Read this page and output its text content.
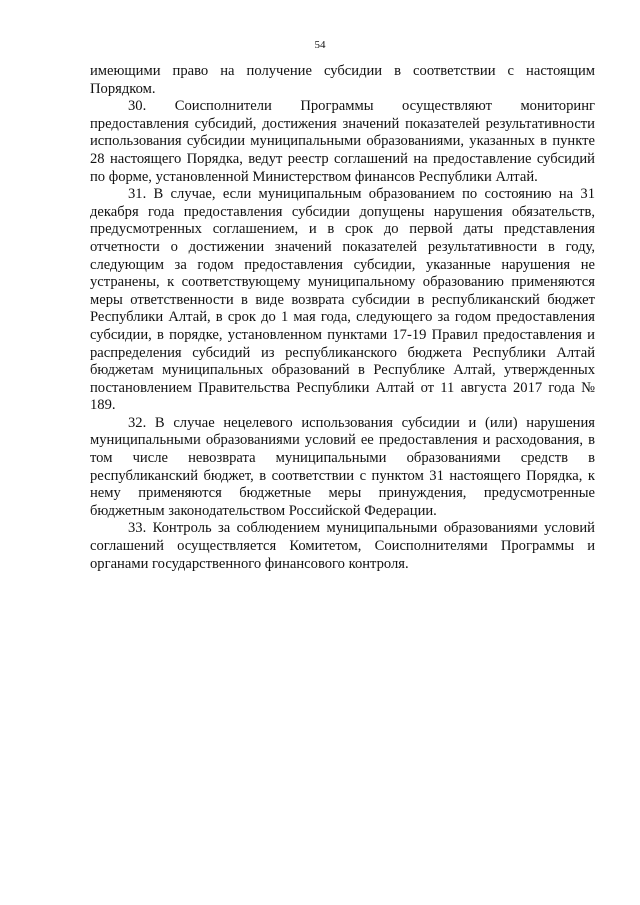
54

имеющими право на получение субсидии в соответствии с настоящим Порядком.

30. Соисполнители Программы осуществляют мониторинг предоставления субсидий, достижения значений показателей результативности использования субсидии муниципальными образованиями, указанных в пункте 28 настоящего Порядка, ведут реестр соглашений на предоставление субсидий по форме, установленной Министерством финансов Республики Алтай.

31. В случае, если муниципальным образованием по состоянию на 31 декабря года предоставления субсидии допущены нарушения обязательств, предусмотренных соглашением, и в срок до первой даты представления отчетности о достижении значений показателей результативности в году, следующим за годом предоставления субсидии, указанные нарушения не устранены, к соответствующему муниципальному образованию применяются меры ответственности в виде возврата субсидии в республиканский бюджет Республики Алтай, в срок до 1 мая года, следующего за годом предоставления субсидии, в порядке, установленном пунктами 17-19 Правил предоставления и распределения субсидий из республиканского бюджета Республики Алтай бюджетам муниципальных образований в Республике Алтай, утвержденных постановлением Правительства Республики Алтай от 11 августа 2017 года № 189.

32. В случае нецелевого использования субсидии и (или) нарушения муниципальными образованиями условий ее предоставления и расходования, в том числе невозврата муниципальными образованиями средств в республиканский бюджет, в соответствии с пунктом 31 настоящего Порядка, к нему применяются бюджетные меры принуждения, предусмотренные бюджетным законодательством Российской Федерации.

33. Контроль за соблюдением муниципальными образованиями условий соглашений осуществляется Комитетом, Соисполнителями Программы и органами государственного финансового контроля.
